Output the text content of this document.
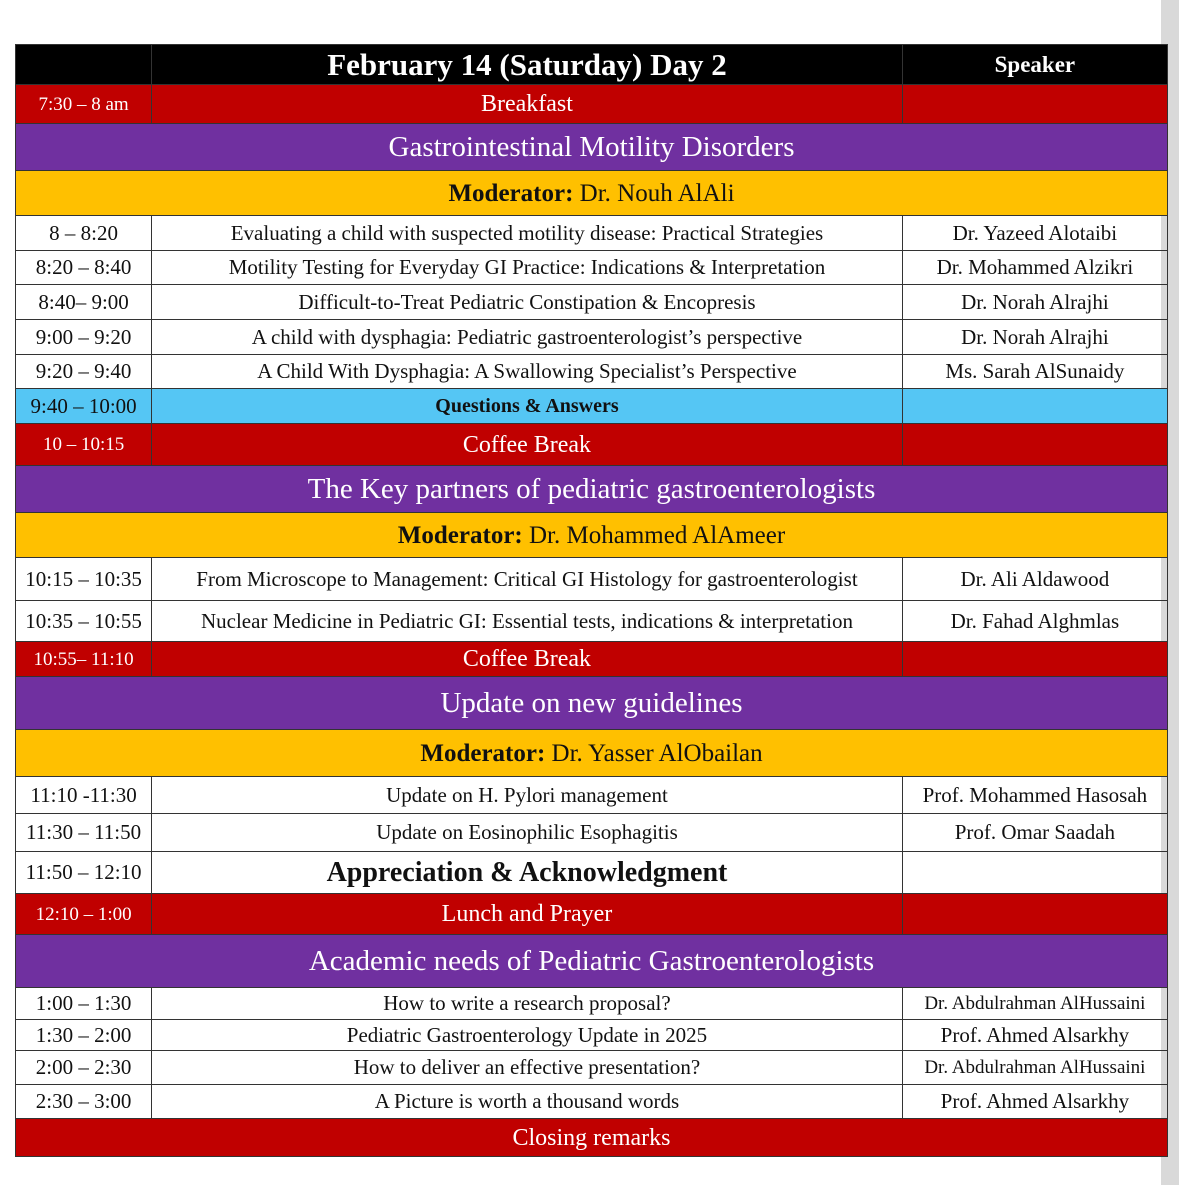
	February 14 (Saturday) Day 2	Speaker
7:30 – 8 am	Breakfast	
Gastrointestinal Motility Disorders		
Moderator: Dr. Nouh AlAli		
8 – 8:20	Evaluating a child with suspected motility disease: Practical Strategies	Dr. Yazeed Alotaibi
8:20 – 8:40	Motility Testing for Everyday GI Practice: Indications & Interpretation	Dr. Mohammed Alzikri
8:40– 9:00	Difficult-to-Treat Pediatric Constipation & Encopresis	Dr. Norah Alrajhi
9:00 – 9:20	A child with dysphagia: Pediatric gastroenterologist’s perspective	Dr. Norah Alrajhi
9:20 – 9:40	A Child With Dysphagia: A Swallowing Specialist’s Perspective	Ms. Sarah AlSunaidy
9:40 – 10:00	Questions & Answers	
10 – 10:15	Coffee Break	
The Key partners of pediatric gastroenterologists		
Moderator: Dr. Mohammed AlAmeer		
10:15 – 10:35	From Microscope to Management: Critical GI Histology for gastroenterologist	Dr. Ali Aldawood
10:35 – 10:55	Nuclear Medicine in Pediatric GI: Essential tests, indications & interpretation	Dr. Fahad Alghmlas
10:55– 11:10	Coffee Break	
Update on new guidelines		
Moderator: Dr. Yasser AlObailan		
11:10 -11:30	Update on H. Pylori management	Prof. Mohammed Hasosah
11:30 – 11:50	Update on Eosinophilic Esophagitis	Prof. Omar Saadah
11:50 – 12:10	Appreciation & Acknowledgment	
12:10 – 1:00	Lunch and Prayer	
Academic needs of Pediatric Gastroenterologists		
1:00 – 1:30	How to write a research proposal?	Dr. Abdulrahman AlHussaini
1:30 – 2:00	Pediatric Gastroenterology Update in 2025	Prof. Ahmed Alsarkhy
2:00 – 2:30	How to deliver an effective presentation?	Dr. Abdulrahman AlHussaini
2:30 – 3:00	A Picture is worth a thousand words	Prof. Ahmed Alsarkhy
Closing remarks		
